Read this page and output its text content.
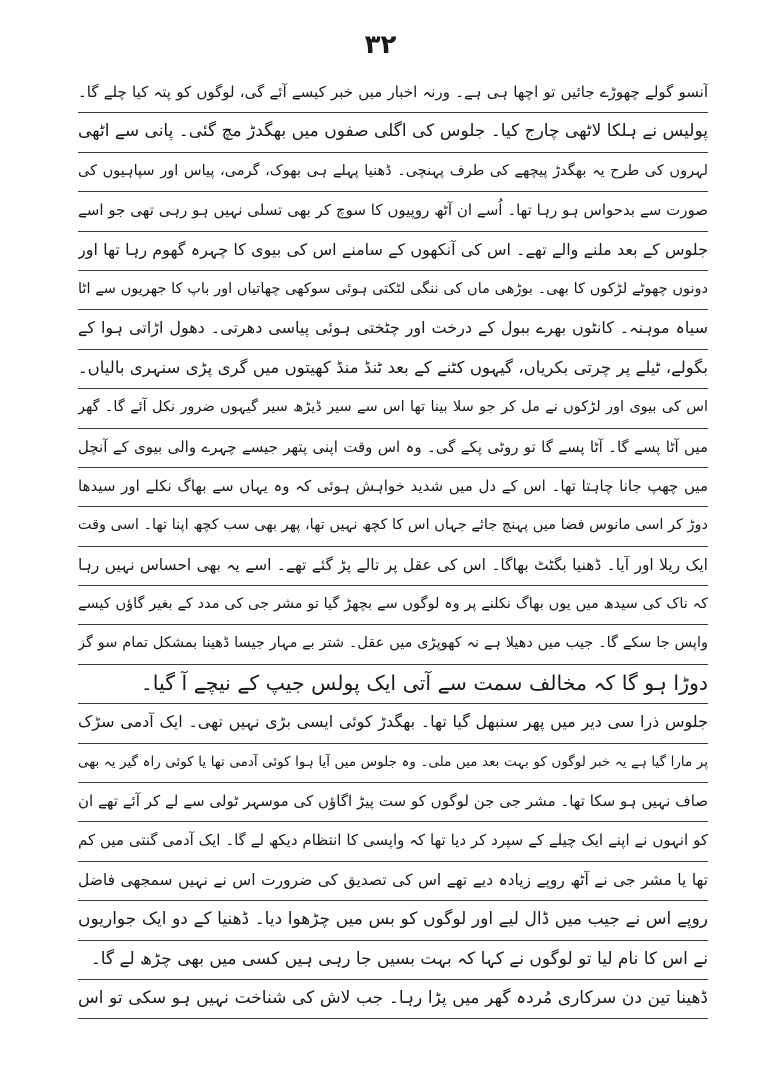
۳۲
آنسو گولے چھوڑے جائیں تو اچھا ہی ہے۔ ورنہ اخبار میں خبر کیسے آئے گی، لوگوں کو پتہ کیا چلے گا۔
پولیس نے ہلکا لاٹھی چارج کیا۔ جلوس کی اگلی صفوں میں بھگدڑ مچ گئی۔ پانی سے اٹھی
لہروں کی طرح یہ بھگدڑ پیچھے کی طرف پہنچی۔ ڈھنیا پہلے ہی بھوک، گرمی، پیاس اور سپاہیوں کی
صورت سے بدحواس ہو رہا تھا۔ اُسے ان آٹھ روپیوں کا سوچ کر بھی تسلی نہیں ہو رہی تھی جو اسے
جلوس کے بعد ملنے والے تھے۔ اس کی آنکھوں کے سامنے اس کی بیوی کا چہرہ گھوم رہا تھا اور
دونوں چھوٹے لڑکوں کا بھی۔ بوڑھی ماں کی ننگی لٹکتی ہوئی سوکھی چھاتیاں اور باپ کا جھریوں سے اٹا
سیاہ موہنہ۔ کانٹوں بھرے ببول کے درخت اور چٹختی ہوئی پیاسی دھرتی۔ دھول اڑاتی ہوا کے
بگولے، ٹیلے پر چرتی بکریاں، گیہوں کٹنے کے بعد ٹنڈ منڈ کھیتوں میں گری پڑی سنہری بالیاں۔
اس کی بیوی اور لڑکوں نے مل کر جو سلا بینا تھا اس سے سیر ڈیڑھ سیر گیہوں ضرور نکل آئے گا۔ گھر
میں آٹا پسے گا۔ آٹا پسے گا تو روٹی پکے گی۔ وہ اس وقت اپنی پتھر جیسے چہرے والی بیوی کے آنچل
میں چھپ جانا چاہتا تھا۔ اس کے دل میں شدید خواہش ہوئی کہ وہ یہاں سے بھاگ نکلے اور سیدھا
دوڑ کر اسی مانوس فضا میں پہنچ جائے جہاں اس کا کچھ نہیں تھا، پھر بھی سب کچھ اپنا تھا۔ اسی وقت
ایک ریلا اور آیا۔ ڈھنیا بگٹٹ بھاگا۔ اس کی عقل پر تالے پڑ گئے تھے۔ اسے یہ بھی احساس نہیں رہا
کہ ناک کی سیدھ میں یوں بھاگ نکلنے پر وہ لوگوں سے بچھڑ گیا تو مشر جی کی مدد کے بغیر گاؤں کیسے
واپس جا سکے گا۔ جیب میں دھیلا ہے نہ کھوپڑی میں عقل۔ شتر بے مہار جیسا ڈھینا بمشکل تمام سو گز
دوڑا ہو گا کہ مخالف سمت سے آتی ایک پولس جیپ کے نیچے آ گیا۔
جلوس ذرا سی دیر میں پھر سنبھل گیا تھا۔ بھگدڑ کوئی ایسی بڑی نہیں تھی۔ ایک آدمی سڑک
پر مارا گیا ہے یہ خبر لوگوں کو بہت بعد میں ملی۔ وہ جلوس میں آیا ہوا کوئی آدمی تھا یا کوئی راہ گیر یہ بھی
صاف نہیں ہو سکا تھا۔ مشر جی جن لوگوں کو ست پیڑ اگاؤں کی موسہر ٹولی سے لے کر آئے تھے ان
کو انہوں نے اپنے ایک چیلے کے سپرد کر دیا تھا کہ واپسی کا انتظام دیکھ لے گا۔ ایک آدمی گنتی میں کم
تھا یا مشر جی نے آٹھ روپے زیادہ دیے تھے اس کی تصدیق کی ضرورت اس نے نہیں سمجھی فاضل
روپے اس نے جیب میں ڈال لیے اور لوگوں کو بس میں چڑھوا دیا۔ ڈھنیا کے دو ایک جواریوں
نے اس کا نام لیا تو لوگوں نے کہا کہ بہت بسیں جا رہی ہیں کسی میں بھی چڑھ لے گا۔
ڈھینا تین دن سرکاری مُردہ گھر میں پڑا رہا۔ جب لاش کی شناخت نہیں ہو سکی تو اس
